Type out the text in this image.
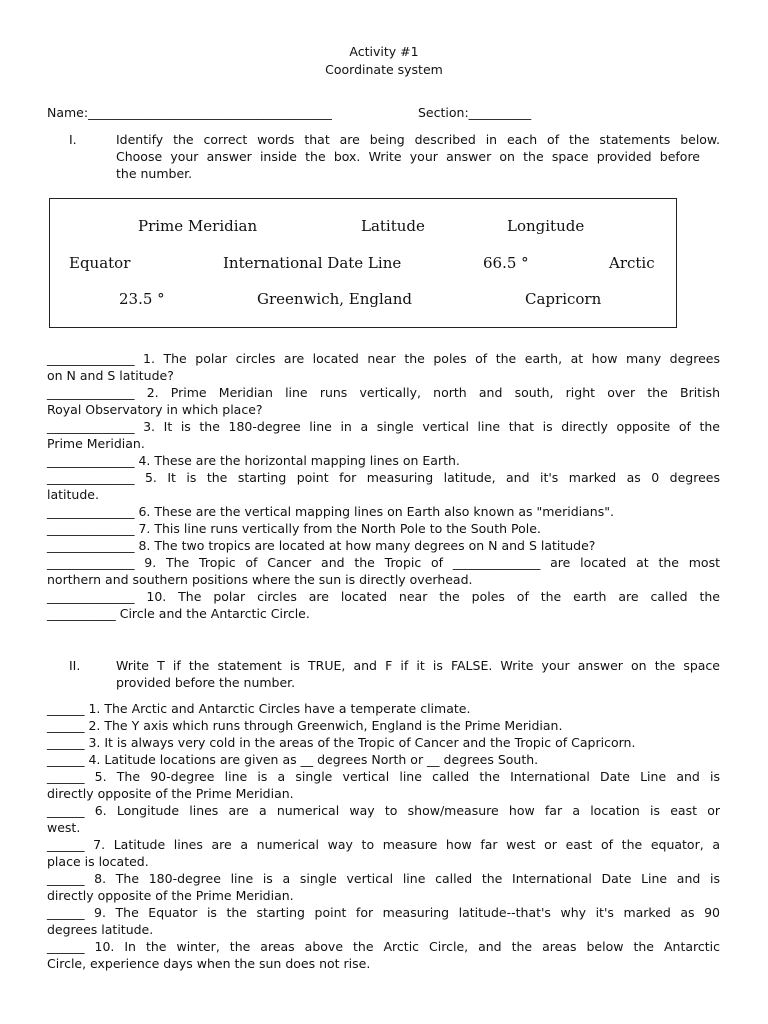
Activity #1
Coordinate system
Name:_______________________________________	Section:__________
I.	Identify the correct words that are being described in each of the statements below.
Choose your answer inside the box. Write your answer on the space provided before
the number.
Prime Meridian	Latitude	Longitude
Equator	International Date Line	66.5 °	Arctic
23.5 °	Greenwich, England	Capricorn
______________ 1. The polar circles are located near the poles of the earth, at how many degrees
on N and S latitude?
______________ 2. Prime Meridian line runs vertically, north and south, right over the British
Royal Observatory in which place?
______________ 3. It is the 180-degree line in a single vertical line that is directly opposite of the
Prime Meridian.
______________ 4. These are the horizontal mapping lines on Earth.
______________ 5. It is the starting point for measuring latitude, and it's marked as 0 degrees
latitude.
______________ 6. These are the vertical mapping lines on Earth also known as "meridians".
______________ 7. This line runs vertically from the North Pole to the South Pole.
______________ 8. The two tropics are located at how many degrees on N and S latitude?
______________ 9. The Tropic of Cancer and the Tropic of ______________ are located at the most
northern and southern positions where the sun is directly overhead.
______________ 10. The polar circles are located near the poles of the earth are called the
___________ Circle and the Antarctic Circle.
II.	Write T if the statement is TRUE, and F if it is FALSE. Write your answer on the space
provided before the number.
______ 1. The Arctic and Antarctic Circles have a temperate climate.
______ 2. The Y axis which runs through Greenwich, England is the Prime Meridian.
______ 3. It is always very cold in the areas of the Tropic of Cancer and the Tropic of Capricorn.
______ 4. Latitude locations are given as __ degrees North or __ degrees South.
______ 5. The 90-degree line is a single vertical line called the International Date Line and is
directly opposite of the Prime Meridian.
______ 6. Longitude lines are a numerical way to show/measure how far a location is east or
west.
______ 7. Latitude lines are a numerical way to measure how far west or east of the equator, a
place is located.
______ 8. The 180-degree line is a single vertical line called the International Date Line and is
directly opposite of the Prime Meridian.
______ 9. The Equator is the starting point for measuring latitude--that's why it's marked as 90
degrees latitude.
______ 10. In the winter, the areas above the Arctic Circle, and the areas below the Antarctic
Circle, experience days when the sun does not rise.
